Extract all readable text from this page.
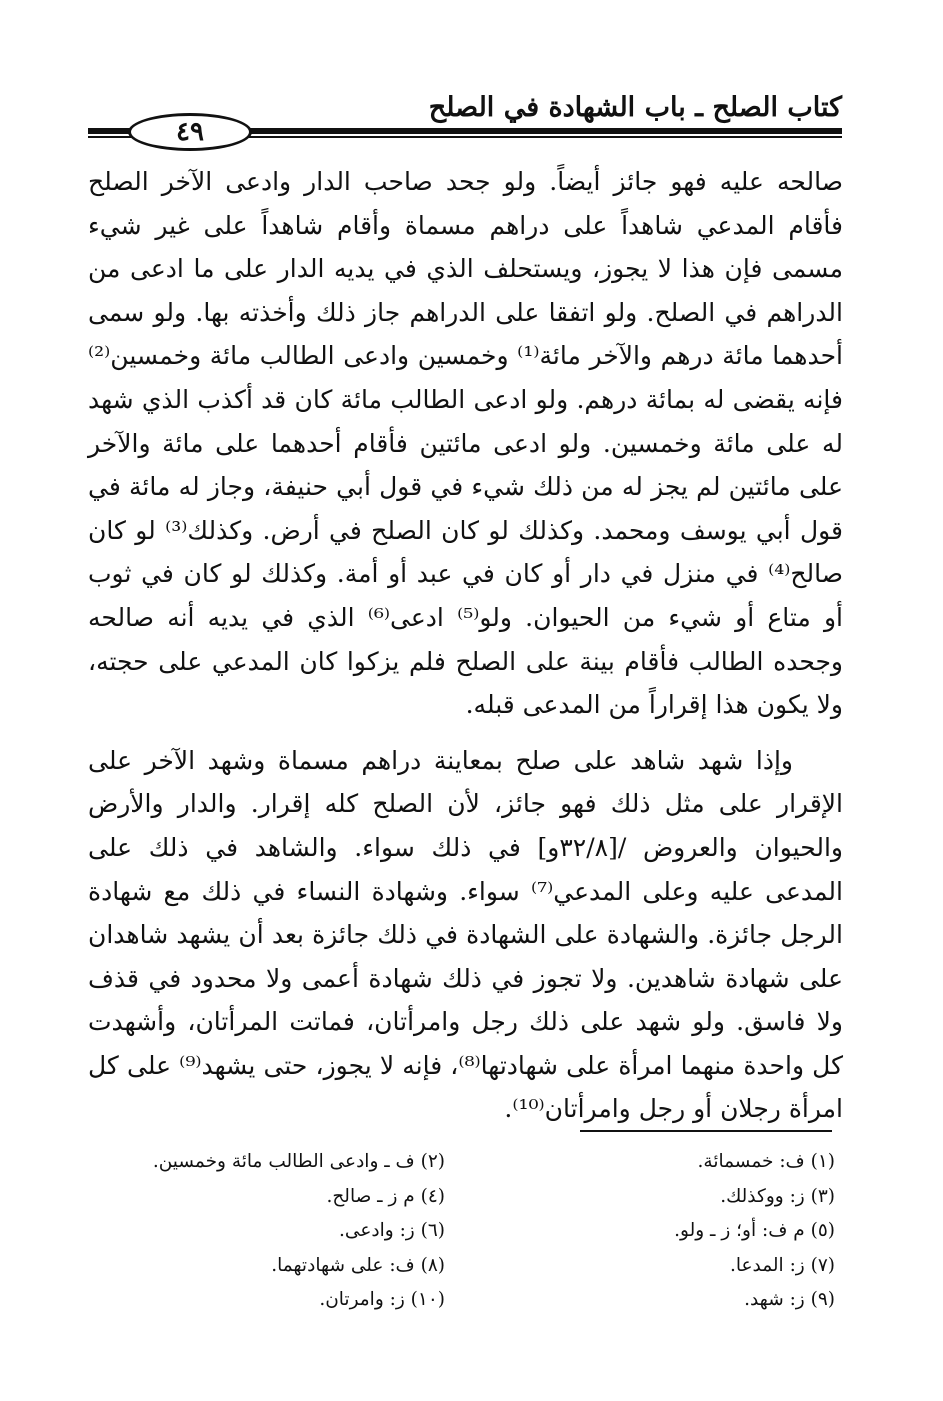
كتاب الصلح ـ باب الشهادة في الصلح
٤٩

صالحه عليه فهو جائز أيضاً. ولو جحد صاحب الدار وادعى الآخر الصلح فأقام المدعي شاهداً على دراهم مسماة وأقام شاهداً على غير شيء مسمى فإن هذا لا يجوز، ويستحلف الذي في يديه الدار على ما ادعى من الدراهم في الصلح. ولو اتفقا على الدراهم جاز ذلك وأخذته بها. ولو سمى أحدهما مائة درهم والآخر مائة⁽¹⁾ وخمسين وادعى الطالب مائة وخمسين⁽²⁾ فإنه يقضى له بمائة درهم. ولو ادعى الطالب مائة كان قد أكذب الذي شهد له على مائة وخمسين. ولو ادعى مائتين فأقام أحدهما على مائة والآخر على مائتين لم يجز له من ذلك شيء في قول أبي حنيفة، وجاز له مائة في قول أبي يوسف ومحمد. وكذلك لو كان الصلح في أرض. وكذلك⁽³⁾ لو كان صالح⁽⁴⁾ في منزل في دار أو كان في عبد أو أمة. وكذلك لو كان في ثوب أو متاع أو شيء من الحيوان. ولو⁽⁵⁾ ادعى⁽⁶⁾ الذي في يديه أنه صالحه وجحده الطالب فأقام بينة على الصلح فلم يزكوا كان المدعي على حجته، ولا يكون هذا إقراراً من المدعى قبله.

وإذا شهد شاهد على صلح بمعاينة دراهم مسماة وشهد الآخر على الإقرار على مثل ذلك فهو جائز، لأن الصلح كله إقرار. والدار والأرض والحيوان والعروض /[٣٢/٨و] في ذلك سواء. والشاهد في ذلك على المدعى عليه وعلى المدعي⁽⁷⁾ سواء. وشهادة النساء في ذلك مع شهادة الرجل جائزة. والشهادة على الشهادة في ذلك جائزة بعد أن يشهد شاهدان على شهادة شاهدين. ولا تجوز في ذلك شهادة أعمى ولا محدود في قذف ولا فاسق. ولو شهد على ذلك رجل وامرأتان، فماتت المرأتان، وأشهدت كل واحدة منهما امرأة على شهادتها⁽⁸⁾، فإنه لا يجوز، حتى يشهد⁽⁹⁾ على كل امرأة رجلان أو رجل وامرأتان⁽¹⁰⁾.

(١) ف: خمسمائة.
(٣) ز: ووكذلك.
(٥) م ف: أو؛ ز ـ ولو.
(٧) ز: المدعا.
(٩) ز: شهد.
(٢) ف ـ وادعى الطالب مائة وخمسين.
(٤) م ز ـ صالح.
(٦) ز: وادعى.
(٨) ف: على شهادتهما.
(١٠) ز: وامرتان.
